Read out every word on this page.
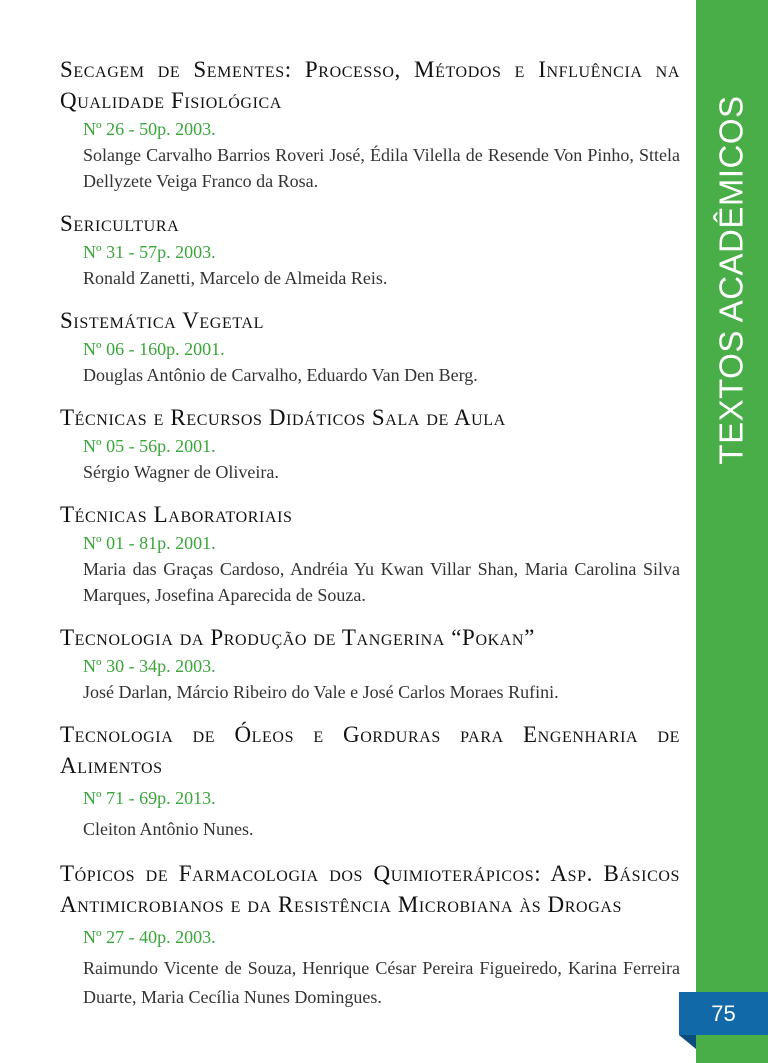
TEXTOS ACADÊMICOS
Secagem de Sementes: Processo, Métodos e Influência na Qualidade Fisiológica
Nº 26 - 50p. 2003.
Solange Carvalho Barrios Roveri José, Édila Vilella de Resende Von Pinho, Sttela Dellyzete Veiga Franco da Rosa.
Sericultura
Nº 31 - 57p. 2003.
Ronald Zanetti, Marcelo de Almeida Reis.
Sistemática Vegetal
Nº 06 - 160p. 2001.
Douglas Antônio de Carvalho, Eduardo Van Den Berg.
Técnicas e Recursos Didáticos Sala de Aula
Nº 05 - 56p. 2001.
Sérgio Wagner de Oliveira.
Técnicas Laboratoriais
Nº 01 - 81p. 2001.
Maria das Graças Cardoso, Andréia Yu Kwan Villar Shan, Maria Carolina Silva Marques, Josefina Aparecida de Souza.
Tecnologia da Produção de Tangerina “Pokan”
Nº 30 - 34p. 2003.
José Darlan, Márcio Ribeiro do Vale e José Carlos Moraes Rufini.
Tecnologia de Óleos e Gorduras para Engenharia de Alimentos
Nº 71 - 69p. 2013.
Cleiton Antônio Nunes.
Tópicos de Farmacologia dos Quimioterápicos: Asp. Básicos Antimicrobianos e da Resistência Microbiana às Drogas
Nº 27 - 40p. 2003.
Raimundo Vicente de Souza, Henrique César Pereira Figueiredo, Karina Ferreira Duarte, Maria Cecília Nunes Domingues.
75
